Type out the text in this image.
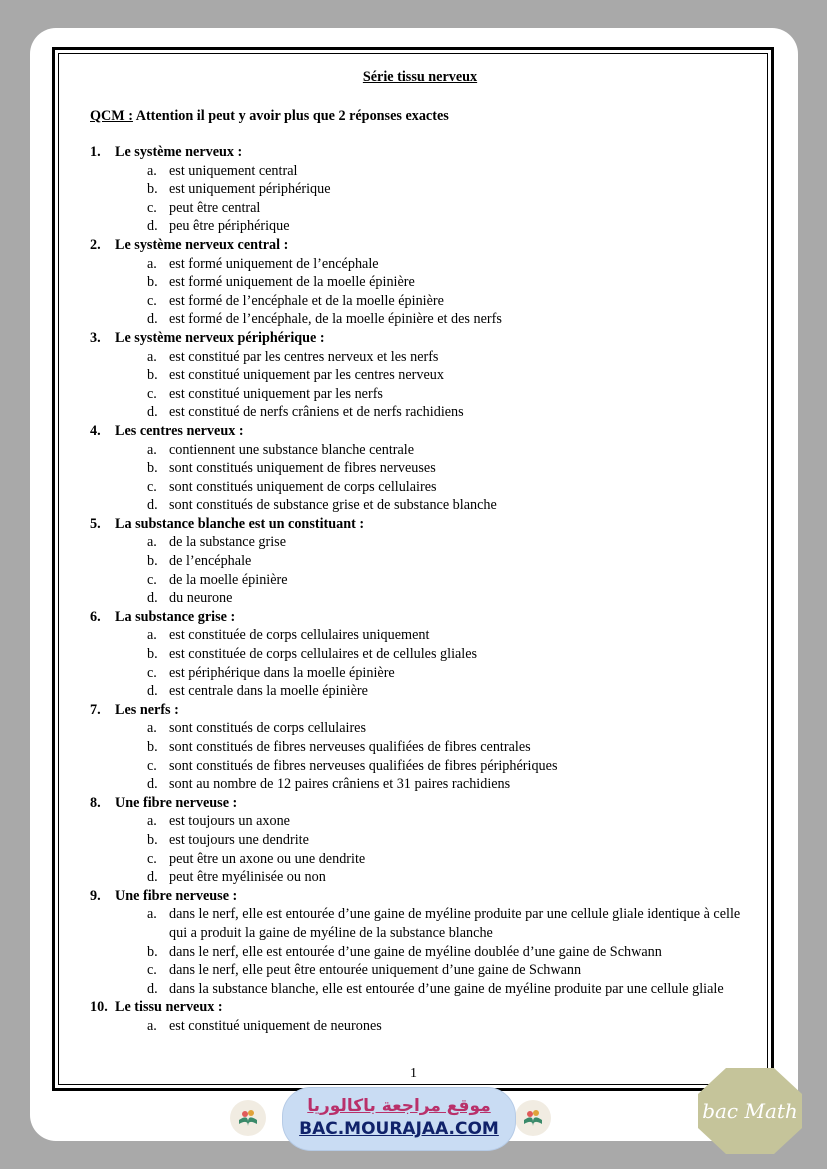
Série tissu nerveux
QCM : Attention il peut y avoir plus que 2 réponses exactes
1. Le système nerveux :
a. est uniquement central
b. est uniquement périphérique
c. peut être central
d. peu être périphérique
2. Le système nerveux central :
a. est formé uniquement de l’encéphale
b. est formé uniquement de la moelle épinière
c. est formé de l’encéphale et de la moelle épinière
d. est formé de l’encéphale, de la moelle épinière et des nerfs
3. Le système nerveux périphérique :
a. est constitué par les centres nerveux et les nerfs
b. est constitué uniquement par les centres nerveux
c. est constitué uniquement par les nerfs
d. est constitué de nerfs crâniens et de nerfs rachidiens
4. Les centres nerveux :
a. contiennent une substance blanche centrale
b. sont constitués uniquement de fibres nerveuses
c. sont constitués uniquement de corps cellulaires
d. sont constitués de substance grise et de substance blanche
5. La substance blanche est un constituant :
a. de la substance grise
b. de l’encéphale
c. de la moelle épinière
d. du neurone
6. La substance grise :
a. est constituée de corps cellulaires uniquement
b. est constituée de corps cellulaires et de cellules gliales
c. est périphérique dans la moelle épinière
d. est centrale dans la moelle épinière
7. Les nerfs :
a. sont constitués de corps cellulaires
b. sont constitués de fibres nerveuses qualifiées de fibres centrales
c. sont constitués de fibres nerveuses qualifiées de fibres périphériques
d. sont au nombre de 12 paires crâniens et 31 paires rachidiens
8. Une fibre nerveuse :
a. est toujours un axone
b. est toujours une dendrite
c. peut être un axone ou une dendrite
d. peut être myélinisée ou non
9. Une fibre nerveuse :
a. dans le nerf, elle est entourée d’une gaine de myéline produite par une cellule gliale identique à celle qui a produit la gaine de myéline de la substance blanche
b. dans le nerf, elle est entourée d’une gaine de myéline doublée d’une gaine de Schwann
c. dans le nerf, elle peut être entourée uniquement d’une gaine de Schwann
d. dans la substance blanche, elle est entourée d’une gaine de myéline produite par une cellule gliale
10. Le tissu nerveux :
a. est constitué uniquement de neurones
1
موقع مراجعة باكالوريا
BAC.MOURAJAA.COM
bac Math
